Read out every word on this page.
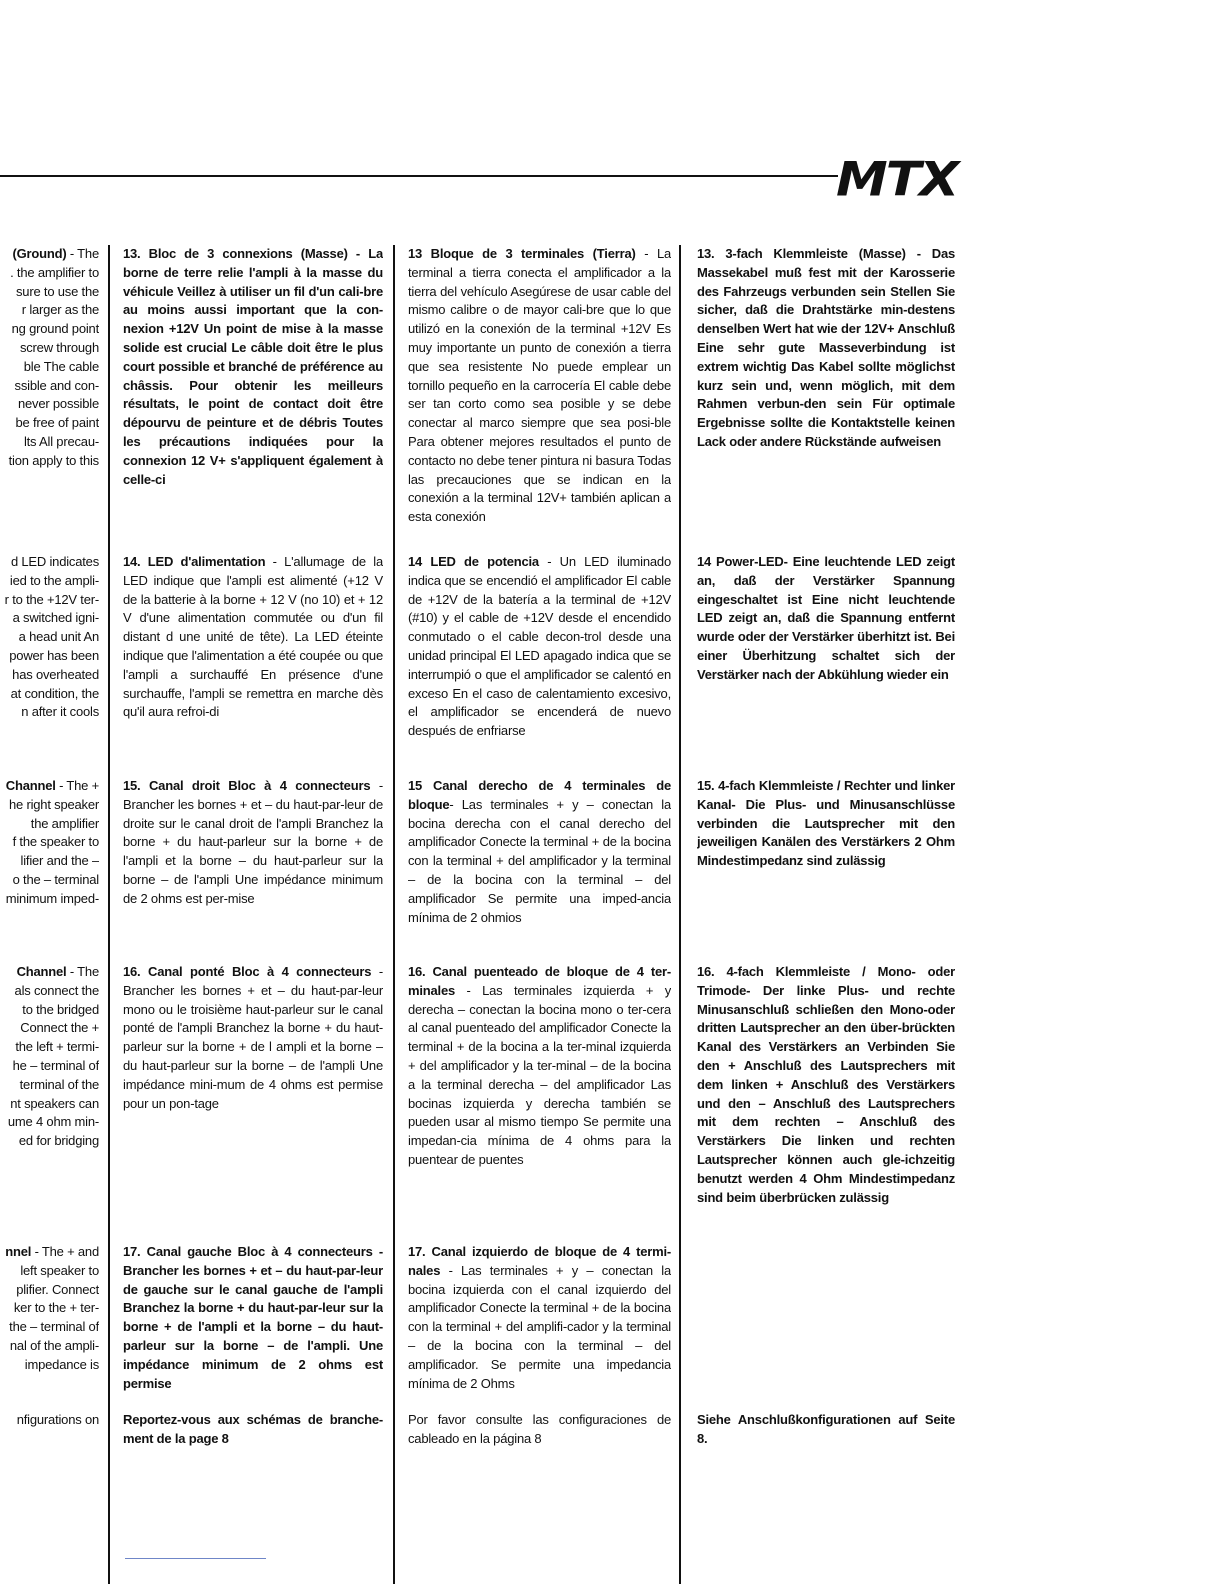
MTX
(Ground) - The
. the amplifier to
sure to use the
r larger as the
ng ground point
screw through
ble The cable
ssible and con-
never possible
be free of paint
lts All precau-
tion apply to this
d LED indicates
ied to the ampli-
r to the +12V ter-
a switched igni-
a head unit An
power has been
has overheated
at condition, the
n after it cools
Channel - The +
he right speaker
the amplifier
f the speaker to
lifier and the –
o the – terminal
minimum imped-
Channel - The
als connect the
to the bridged
Connect the +
the left + termi-
he – terminal of
terminal of the
nt speakers can
ume 4 ohm min-
ed for bridging
nnel - The + and
left speaker to
plifier. Connect
ker to the + ter-
the – terminal of
nal of the ampli-
impedance is
nfigurations on

13. Bloc de 3 connexions (Masse) - La borne de terre relie l'ampli à la masse du véhicule Veillez à utiliser un fil d'un cali-bre au moins aussi important que la con-nexion +12V Un point de mise à la masse solide est crucial Le câble doit être le plus court possible et branché de préférence au châssis. Pour obtenir les meilleurs résultats, le point de contact doit être dépourvu de peinture et de débris Toutes les précautions indiquées pour la connexion 12 V+ s'appliquent également à celle-ci

14. LED d'alimentation - L'allumage de la LED indique que l'ampli est alimenté (+12 V de la batterie à la borne + 12 V (no 10) et + 12 V d'une alimentation commutée ou d'un fil distant d une unité de tête). La LED éteinte indique que l'alimentation a été coupée ou que l'ampli a surchauffé En présence d'une surchauffe, l'ampli se remettra en marche dès qu'il aura refroi-di

15. Canal droit Bloc à 4 connecteurs - Brancher les bornes + et – du haut-par-leur de droite sur le canal droit de l'ampli Branchez la borne + du haut-parleur sur la borne + de l'ampli et la borne – du haut-parleur sur la borne – de l'ampli Une impédance minimum de 2 ohms est per-mise

16. Canal ponté Bloc à 4 connecteurs - Brancher les bornes + et – du haut-par-leur mono ou le troisième haut-parleur sur le canal ponté de l'ampli Branchez la borne + du haut-parleur sur la borne + de l ampli et la borne – du haut-parleur sur la borne – de l'ampli Une impédance mini-mum de 4 ohms est permise pour un pon-tage

17. Canal gauche Bloc à 4 connecteurs - Brancher les bornes + et – du haut-par-leur de gauche sur le canal gauche de l'ampli Branchez la borne + du haut-par-leur sur la borne + de l'ampli et la borne – du haut-parleur sur la borne – de l'ampli. Une impédance minimum de 2 ohms est permise

Reportez-vous aux schémas de branche-ment de la page 8

13 Bloque de 3 terminales (Tierra) - La terminal a tierra conecta el amplificador a la tierra del vehículo Asegúrese de usar cable del mismo calibre o de mayor cali-bre que lo que utilizó en la conexión de la terminal +12V Es muy importante un punto de conexión a tierra que sea resistente No puede emplear un tornillo pequeño en la carrocería El cable debe ser tan corto como sea posible y se debe conectar al marco siempre que sea posi-ble Para obtener mejores resultados el punto de contacto no debe tener pintura ni basura Todas las precauciones que se indican en la conexión a la terminal 12V+ también aplican a esta conexión

14 LED de potencia - Un LED iluminado indica que se encendió el amplificador El cable de +12V de la batería a la terminal de +12V (#10) y el cable de +12V desde el encendido conmutado o el cable decon-trol desde una unidad principal El LED apagado indica que se interrumpió o que el amplificador se calentó en exceso En el caso de calentamiento excesivo, el amplificador se encenderá de nuevo después de enfriarse

15 Canal derecho de 4 terminales de bloque- Las terminales + y – conectan la bocina derecha con el canal derecho del amplificador Conecte la terminal + de la bocina con la terminal + del amplificador y la terminal – de la bocina con la terminal – del amplificador Se permite una imped-ancia mínima de 2 ohmios

16. Canal puenteado de bloque de 4 ter-minales - Las terminales izquierda + y derecha – conectan la bocina mono o ter-cera al canal puenteado del amplificador Conecte la terminal + de la bocina a la ter-minal izquierda + del amplificador y la ter-minal – de la bocina a la terminal derecha – del amplificador Las bocinas izquierda y derecha también se pueden usar al mismo tiempo Se permite una impedan-cia mínima de 4 ohms para la puentear de puentes

17. Canal izquierdo de bloque de 4 termi-nales - Las terminales + y – conectan la bocina izquierda con el canal izquierdo del amplificador Conecte la terminal + de la bocina con la terminal + del amplifi-cador y la terminal – de la bocina con la terminal – del amplificador. Se permite una impedancia mínima de 2 Ohms

Por favor consulte las configuraciones de cableado en la página 8

13. 3-fach Klemmleiste (Masse) - Das Massekabel muß fest mit der Karosserie des Fahrzeugs verbunden sein Stellen Sie sicher, daß die Drahtstärke min-destens denselben Wert hat wie der 12V+ Anschluß Eine sehr gute Masseverbindung ist extrem wichtig Das Kabel sollte möglichst kurz sein und, wenn möglich, mit dem Rahmen verbun-den sein Für optimale Ergebnisse sollte die Kontaktstelle keinen Lack oder andere Rückstände aufweisen

14 Power-LED- Eine leuchtende LED zeigt an, daß der Verstärker Spannung eingeschaltet ist Eine nicht leuchtende LED zeigt an, daß die Spannung entfernt wurde oder der Verstärker überhitzt ist. Bei einer Überhitzung schaltet sich der Verstärker nach der Abkühlung wieder ein

15. 4-fach Klemmleiste / Rechter und linker Kanal- Die Plus- und Minusanschlüsse verbinden die Lautsprecher mit den jeweiligen Kanälen des Verstärkers 2 Ohm Mindestimpedanz sind zulässig

16. 4-fach Klemmleiste / Mono- oder Trimode- Der linke Plus- und rechte Minusanschluß schließen den Mono-oder dritten Lautsprecher an den über-brückten Kanal des Verstärkers an Verbinden Sie den + Anschluß des Lautsprechers mit dem linken + Anschluß des Verstärkers und den – Anschluß des Lautsprechers mit dem rechten – Anschluß des Verstärkers Die linken und rechten Lautsprecher können auch gle-ichzeitig benutzt werden 4 Ohm Mindestimpedanz sind beim überbrücken zulässig

Siehe Anschlußkonfigurationen auf Seite 8.
